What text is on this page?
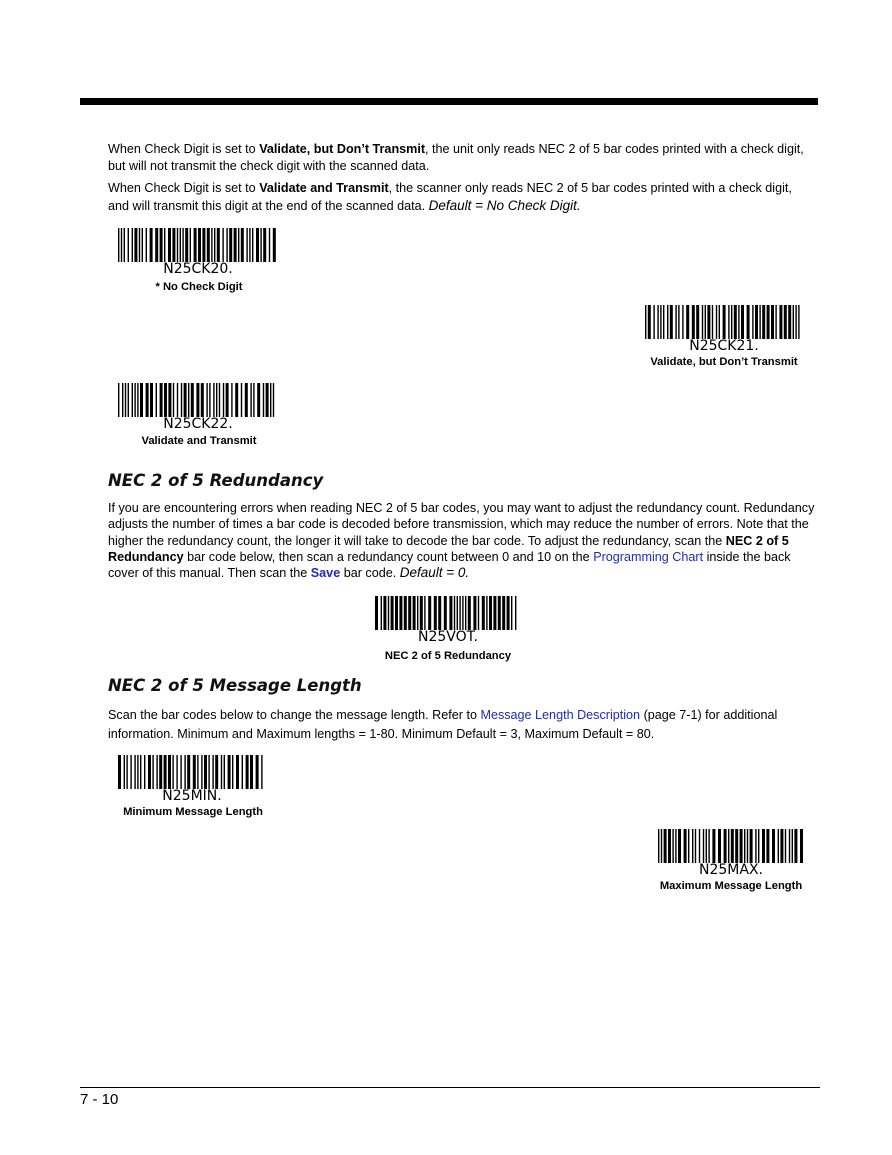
When Check Digit is set to Validate, but Don’t Transmit, the unit only reads NEC 2 of 5 bar codes printed with a check digit, but will not transmit the check digit with the scanned data.

When Check Digit is set to Validate and Transmit, the scanner only reads NEC 2 of 5 bar codes printed with a check digit, and will transmit this digit at the end of the scanned data. Default = No Check Digit.

N25CK20.
* No Check Digit
N25CK21.
Validate, but Don’t Transmit
N25CK22.
Validate and Transmit
NEC 2 of 5 Redundancy

If you are encountering errors when reading NEC 2 of 5 bar codes, you may want to adjust the redundancy count. Redundancy adjusts the number of times a bar code is decoded before transmission, which may reduce the number of errors. Note that the higher the redundancy count, the longer it will take to decode the bar code. To adjust the redundancy, scan the NEC 2 of 5 Redundancy bar code below, then scan a redundancy count between 0 and 10 on the Programming Chart inside the back cover of this manual. Then scan the Save bar code. Default = 0.

N25VOT.
NEC 2 of 5 Redundancy
NEC 2 of 5 Message Length

Scan the bar codes below to change the message length. Refer to Message Length Description (page 7-1) for additional information. Minimum and Maximum lengths = 1-80. Minimum Default = 3, Maximum Default = 80.

N25MIN.
Minimum Message Length
N25MAX.
Maximum Message Length
7 - 10
